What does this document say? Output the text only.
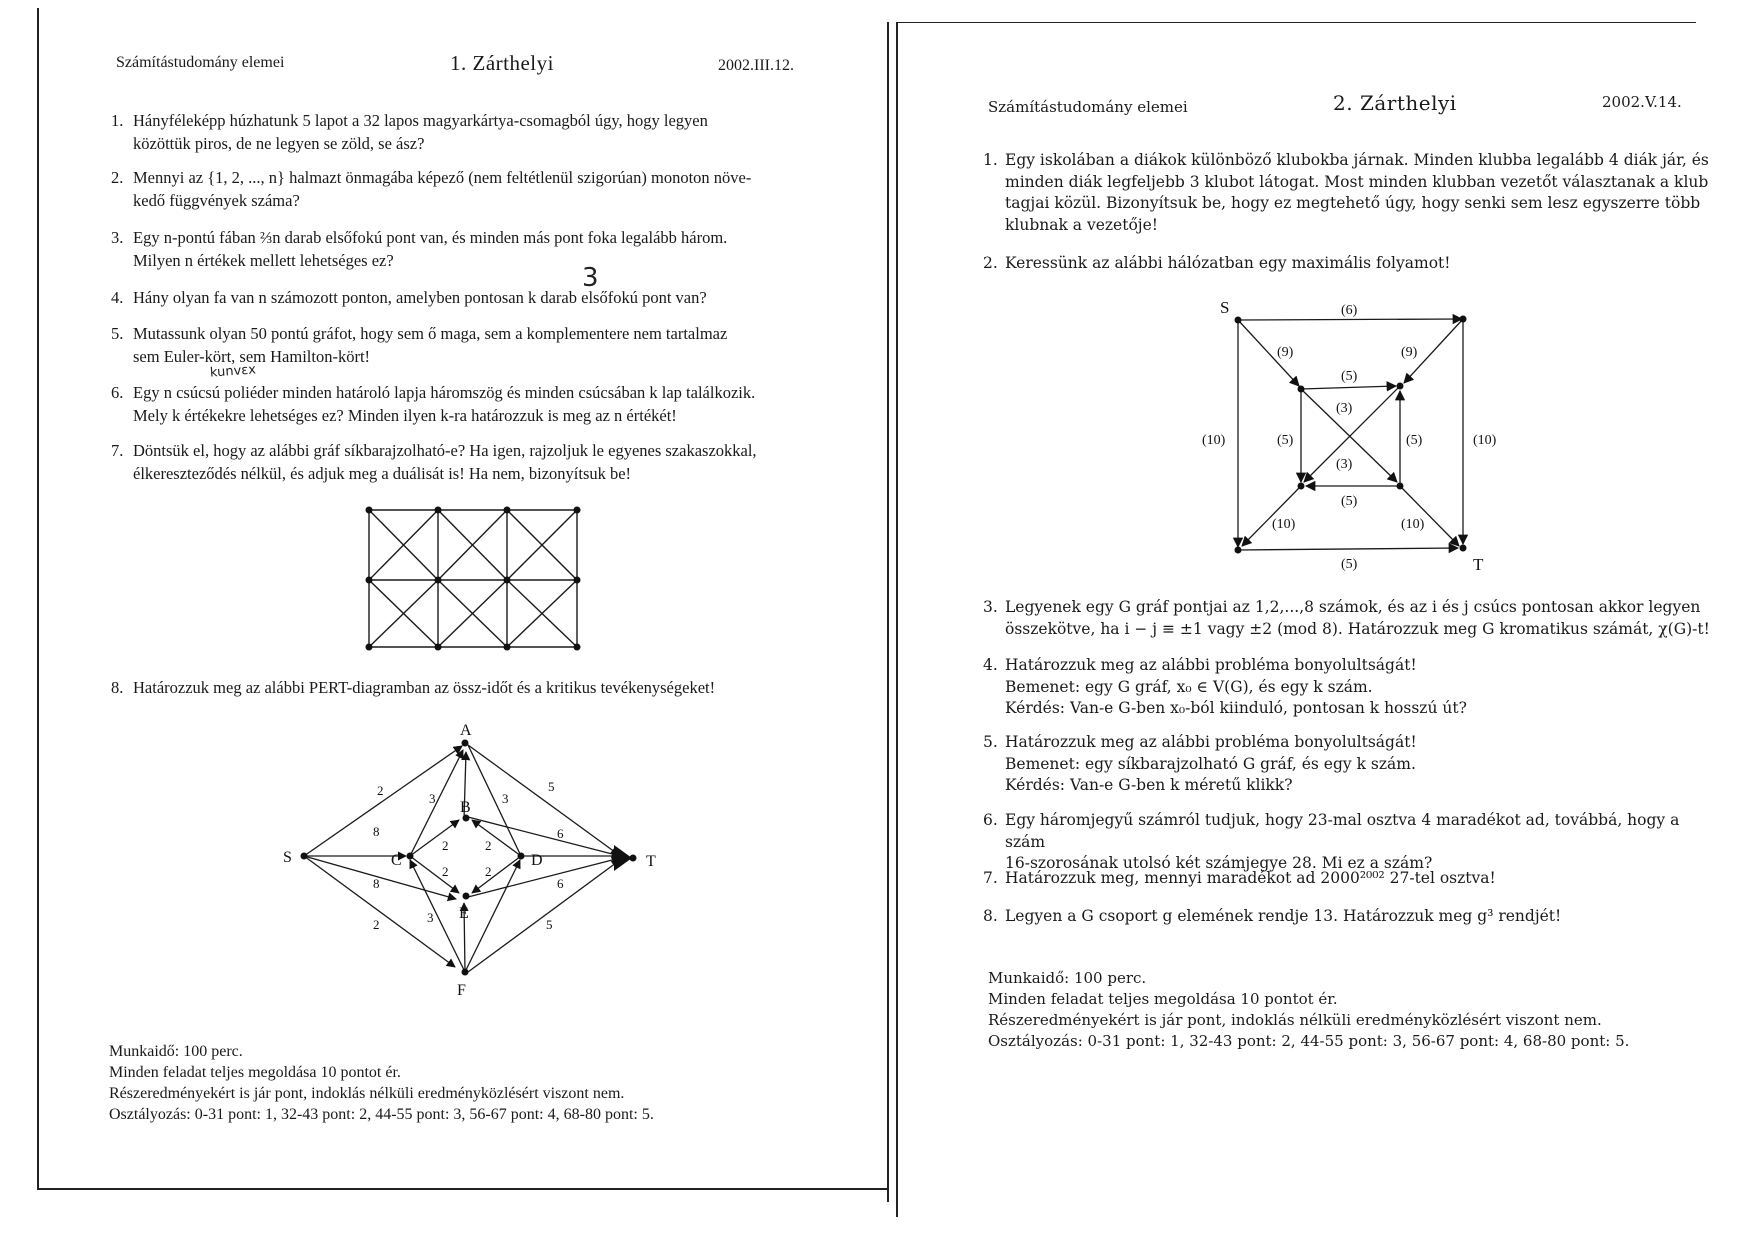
Számítástudomány elemei	1. Zárthelyi	2002.III.12.
1. Hányféleképp húzhatunk 5 lapot a 32 lapos magyarkártya-csomagból úgy, hogy legyen
közöttük piros, de ne legyen se zöld, se ász?
2. Mennyi az {1, 2, ..., n} halmazt önmagába képező (nem feltétlenül szigorúan) monoton növe-
kedő függvények száma?
3. Egy n-pontú fában ⅔n darab elsőfokú pont van, és minden más pont foka legalább három.
Milyen n értékek mellett lehetséges ez?
4. Hány olyan fa van n számozott ponton, amelyben pontosan k darab elsőfokú pont van?
5. Mutassunk olyan 50 pontú gráfot, hogy sem ő maga, sem a komplementere nem tartalmaz
sem Euler-kört, sem Hamilton-kört!
6. Egy n csúcsú poliéder minden határoló lapja háromszög és minden csúcsában k lap találkozik.
Mely k értékekre lehetséges ez? Minden ilyen k-ra határozzuk is meg az n értékét!
7. Döntsük el, hogy az alábbi gráf síkbarajzolható-e? Ha igen, rajzoljuk le egyenes szakaszokkal,
élkereszteződés nélkül, és adjuk meg a duálisát is! Ha nem, bizonyítsuk be!
8. Határozzuk meg az alábbi PERT-diagramban az össz-időt és a kritikus tevékenységeket!
3
kunvεx
S
A
B
C	D
E
F
T
2
8
8
2
3
2
2
3
3
2
2
5
6
6
5
Munkaidő: 100 perc.
Minden feladat teljes megoldása 10 pontot ér.
Részeredményekért is jár pont, indoklás nélküli eredményközlésért viszont nem.
Osztályozás: 0-31 pont: 1, 32-43 pont: 2, 44-55 pont: 3, 56-67 pont: 4, 68-80 pont: 5.
Számítástudomány elemei	2. Zárthelyi	2002.V.14.
1. Egy iskolában a diákok különböző klubokba járnak. Minden klubba legalább 4 diák jár, és
minden diák legfeljebb 3 klubot látogat. Most minden klubban vezetőt választanak a klub
tagjai közül. Bizonyítsuk be, hogy ez megtehető úgy, hogy senki sem lesz egyszerre több
klubnak a vezetője!
2. Keressünk az alábbi hálózatban egy maximális folyamot!
3. Legyenek egy G gráf pontjai az 1,2,...,8 számok, és az i és j csúcs pontosan akkor legyen
összekötve, ha i − j ≡ ±1 vagy ±2 (mod 8). Határozzuk meg G kromatikus számát, χ(G)-t!
4. Határozzuk meg az alábbi probléma bonyolultságát!
Bemenet: egy G gráf, x₀ ∈ V(G), és egy k szám.
Kérdés: Van-e G-ben x₀-ból kiinduló, pontosan k hosszú út?
5. Határozzuk meg az alábbi probléma bonyolultságát!
Bemenet: egy síkbarajzolható G gráf, és egy k szám.
Kérdés: Van-e G-ben k méretű klikk?
6. Egy háromjegyű számról tudjuk, hogy 23-mal osztva 4 maradékot ad, továbbá, hogy a szám
16-szorosának utolsó két számjegye 28. Mi ez a szám?
7. Határozzuk meg, mennyi maradékot ad 2000²⁰⁰² 27-tel osztva!
8. Legyen a G csoport g elemének rendje 13. Határozzuk meg g³ rendjét!
S
T
(6)
(10)	(10)
(5)
(9)	(9)
(5)
(3)
(5)	(5)
(3)
(5)
(10)	(10)
Munkaidő: 100 perc.
Minden feladat teljes megoldása 10 pontot ér.
Részeredményekért is jár pont, indoklás nélküli eredményközlésért viszont nem.
Osztályozás: 0-31 pont: 1, 32-43 pont: 2, 44-55 pont: 3, 56-67 pont: 4, 68-80 pont: 5.
